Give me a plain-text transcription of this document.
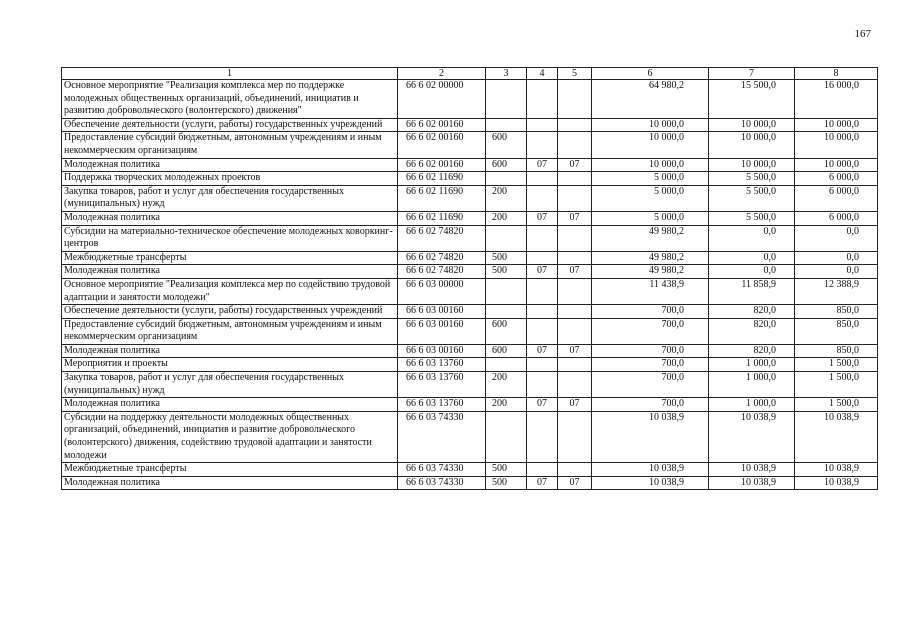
167
1	2	3	4	5	6	7	8
Основное мероприятие "Реализация комплекса мер по поддержке молодежных общественных организаций, объединений, инициатив и развитию добровольческого (волонтерского) движения"	66 6 02 00000				64 980,2	15 500,0	16 000,0
Обеспечение деятельности (услуги, работы) государственных учреждений	66 6 02 00160				10 000,0	10 000,0	10 000,0
Предоставление субсидий бюджетным, автономным учреждениям и иным некоммерческим организациям	66 6 02 00160	600			10 000,0	10 000,0	10 000,0
Молодежная политика	66 6 02 00160	600	07	07	10 000,0	10 000,0	10 000,0
Поддержка творческих молодежных проектов	66 6 02 11690				5 000,0	5 500,0	6 000,0
Закупка товаров, работ и услуг для обеспечения государственных (муниципальных) нужд	66 6 02 11690	200			5 000,0	5 500,0	6 000,0
Молодежная политика	66 6 02 11690	200	07	07	5 000,0	5 500,0	6 000,0
Субсидии на материально-техническое обеспечение молодежных коворкинг-центров	66 6 02 74820				49 980,2	0,0	0,0
Межбюджетные трансферты	66 6 02 74820	500			49 980,2	0,0	0,0
Молодежная политика	66 6 02 74820	500	07	07	49 980,2	0,0	0,0
Основное мероприятие "Реализация комплекса мер по содействию трудовой адаптации и занятости молодежи"	66 6 03 00000				11 438,9	11 858,9	12 388,9
Обеспечение деятельности (услуги, работы) государственных учреждений	66 6 03 00160				700,0	820,0	850,0
Предоставление субсидий бюджетным, автономным учреждениям и иным некоммерческим организациям	66 6 03 00160	600			700,0	820,0	850,0
Молодежная политика	66 6 03 00160	600	07	07	700,0	820,0	850,0
Мероприятия и проекты	66 6 03 13760				700,0	1 000,0	1 500,0
Закупка товаров, работ и услуг для обеспечения государственных (муниципальных) нужд	66 6 03 13760	200			700,0	1 000,0	1 500,0
Молодежная политика	66 6 03 13760	200	07	07	700,0	1 000,0	1 500,0
Субсидии на поддержку деятельности молодежных общественных организаций, объединений, инициатив и развитие добровольческого (волонтерского) движения, содействию трудовой адаптации и занятости молодежи	66 6 03 74330				10 038,9	10 038,9	10 038,9
Межбюджетные трансферты	66 6 03 74330	500			10 038,9	10 038,9	10 038,9
Молодежная политика	66 6 03 74330	500	07	07	10 038,9	10 038,9	10 038,9
